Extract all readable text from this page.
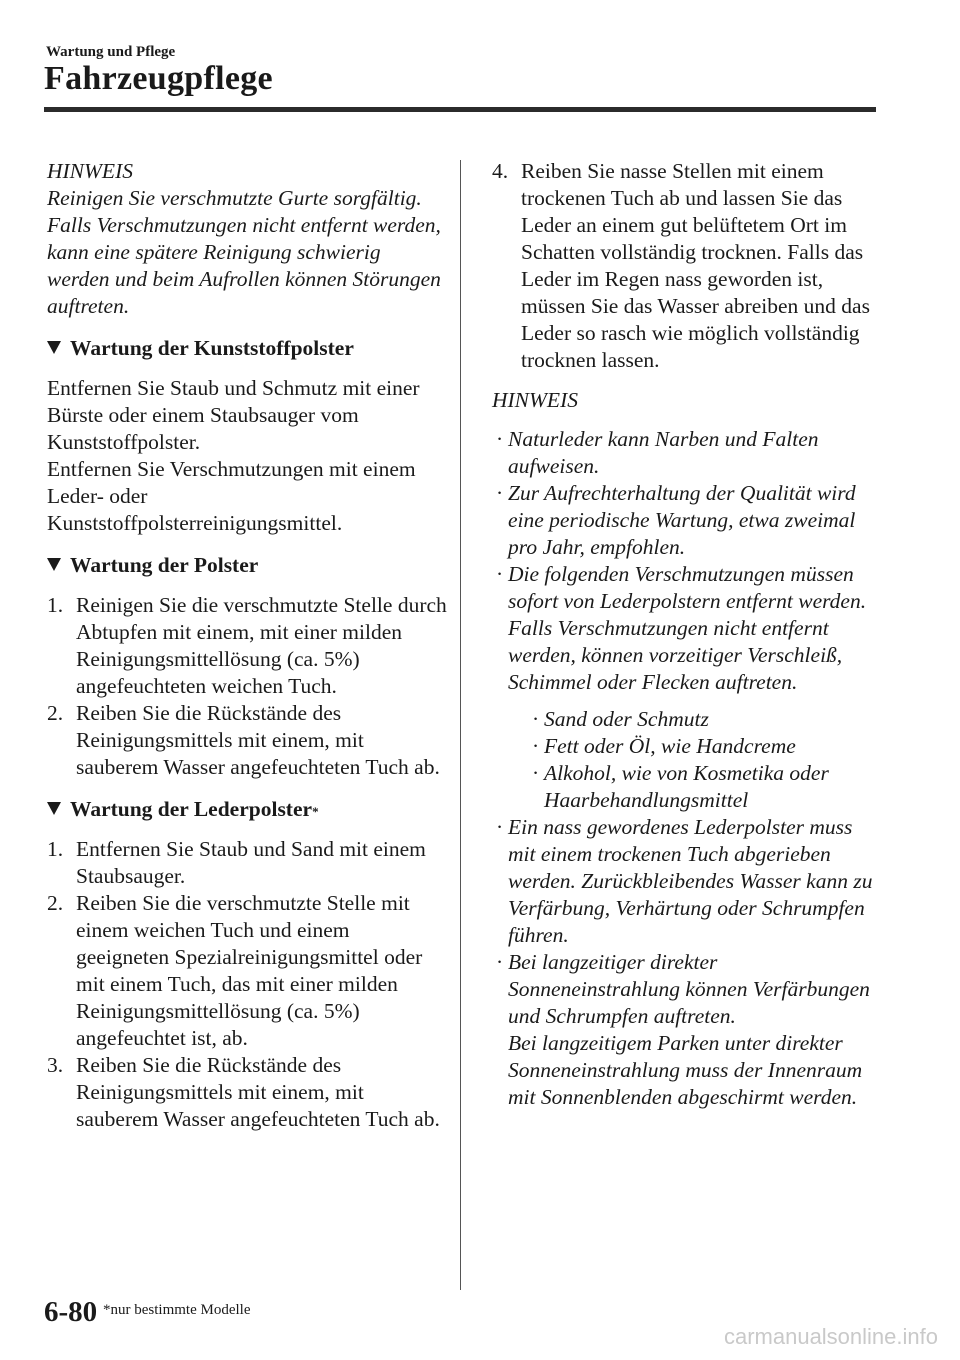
Wartung und Pflege
Fahrzeugpflege

HINWEIS

Reinigen Sie verschmutzte Gurte sorgfältig. Falls Verschmutzungen nicht entfernt werden, kann eine spätere Reinigung schwierig werden und beim Aufrollen können Störungen auftreten.

Wartung der Kunststoffpolster

Entfernen Sie Staub und Schmutz mit einer Bürste oder einem Staubsauger vom Kunststoffpolster.

Entfernen Sie Verschmutzungen mit einem Leder- oder Kunststoffpolsterreinigungsmittel.

Wartung der Polster
1. Reinigen Sie die verschmutzte Stelle durch Abtupfen mit einem, mit einer milden Reinigungsmittellösung (ca. 5%) angefeuchteten weichen Tuch.
2. Reiben Sie die Rückstände des Reinigungsmittels mit einem, mit sauberem Wasser angefeuchteten Tuch ab.
Wartung der Lederpolster *
1. Entfernen Sie Staub und Sand mit einem Staubsauger.
2. Reiben Sie die verschmutzte Stelle mit einem weichen Tuch und einem geeigneten Spezialreinigungsmittel oder mit einem Tuch, das mit einer milden Reinigungsmittellösung (ca. 5%) angefeuchtet ist, ab.
3. Reiben Sie die Rückstände des Reinigungsmittels mit einem, mit sauberem Wasser angefeuchteten Tuch ab.
4. Reiben Sie nasse Stellen mit einem trockenen Tuch ab und lassen Sie das Leder an einem gut belüftetem Ort im Schatten vollständig trocknen. Falls das Leder im Regen nass geworden ist, müssen Sie das Wasser abreiben und das Leder so rasch wie möglich vollständig trocknen lassen.

HINWEIS

· Naturleder kann Narben und Falten aufweisen.
· Zur Aufrechterhaltung der Qualität wird eine periodische Wartung, etwa zweimal pro Jahr, empfohlen.
· Die folgenden Verschmutzungen müssen sofort von Lederpolstern entfernt werden.
Falls Verschmutzungen nicht entfernt werden, können vorzeitiger Verschleiß, Schimmel oder Flecken auftreten.
· Sand oder Schmutz
· Fett oder Öl, wie Handcreme
· Alkohol, wie von Kosmetika oder Haarbehandlungsmittel
· Ein nass gewordenes Lederpolster muss mit einem trockenen Tuch abgerieben werden. Zurückbleibendes Wasser kann zu Verfärbung, Verhärtung oder Schrumpfen führen.
· Bei langzeitiger direkter Sonneneinstrahlung können Verfärbungen und Schrumpfen auftreten.
Bei langzeitigem Parken unter direkter Sonneneinstrahlung muss der Innenraum mit Sonnenblenden abgeschirmt werden.
6-80 *nur bestimmte Modelle
carmanualsonline.info
